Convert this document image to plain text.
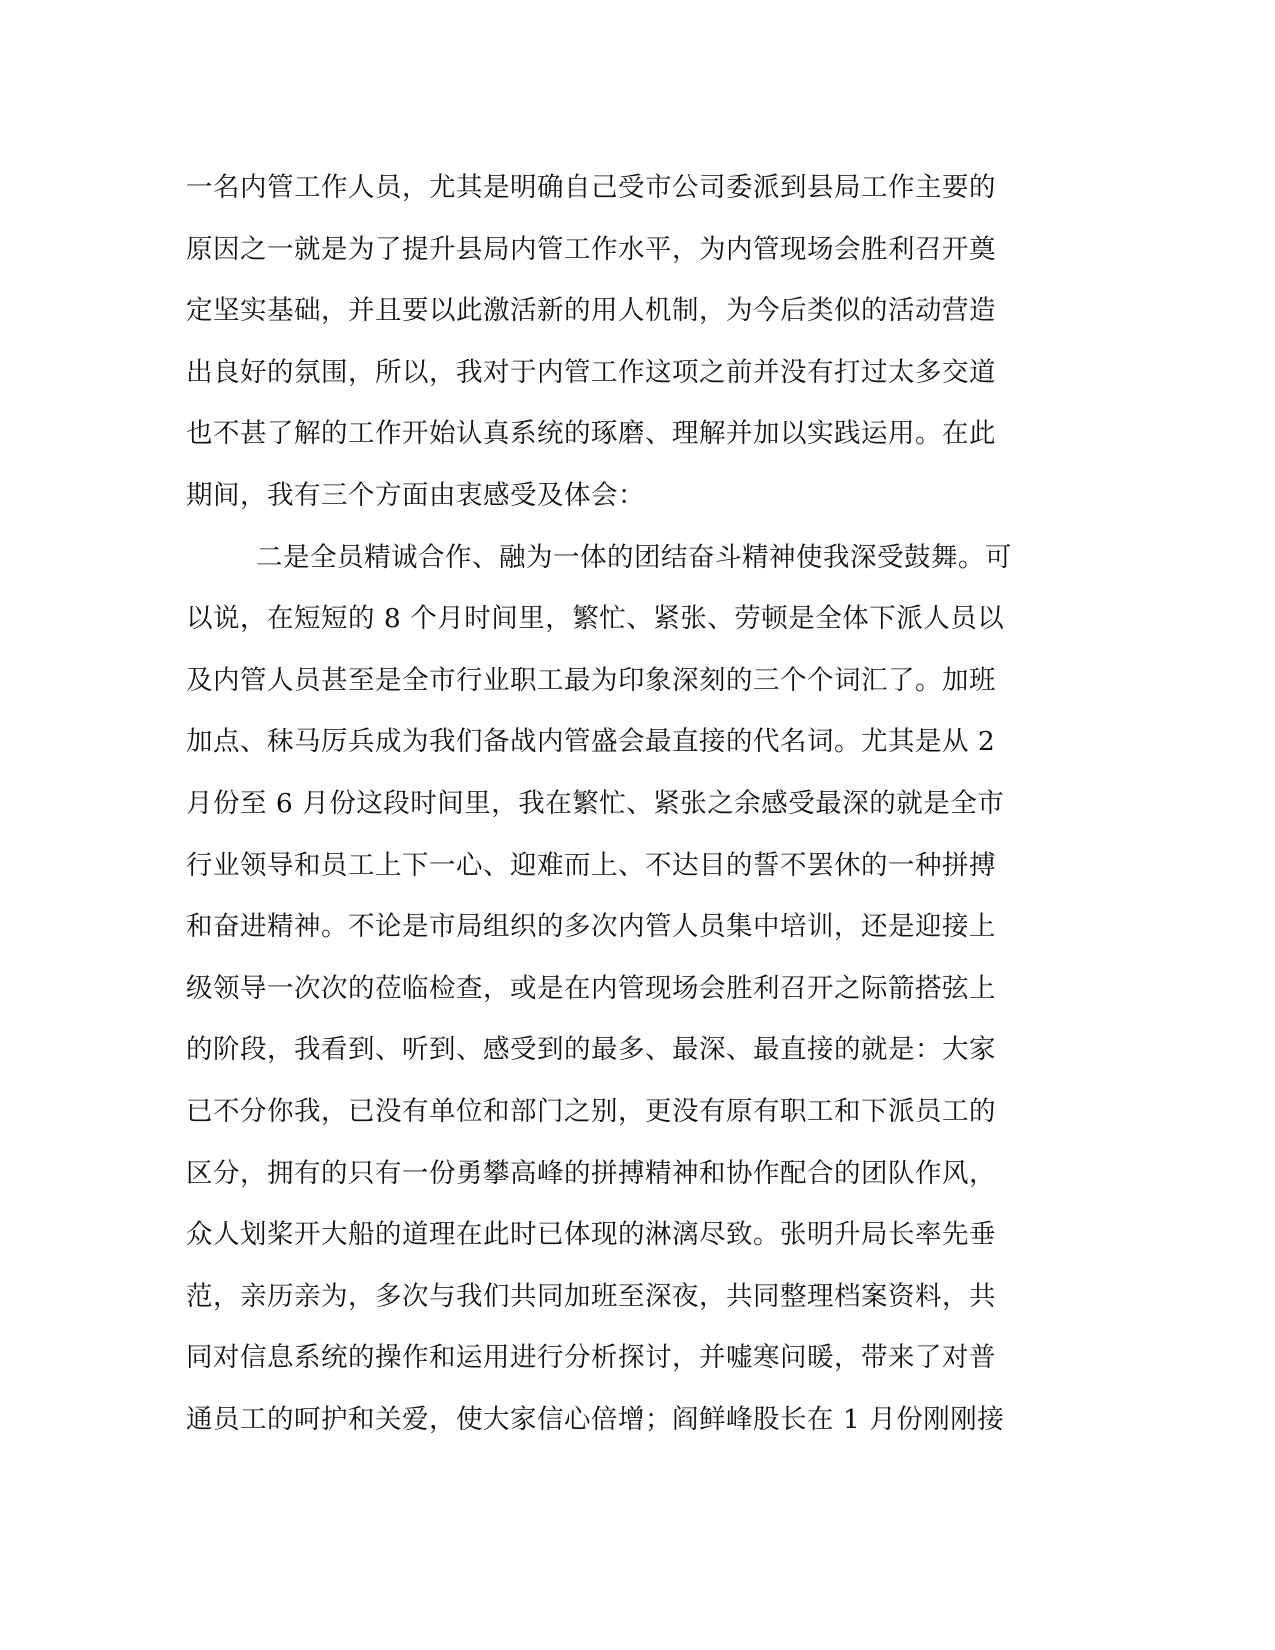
一名内管工作人员，尤其是明确自己受市公司委派到县局工作主要的
原因之一就是为了提升县局内管工作水平，为内管现场会胜利召开奠
定坚实基础，并且要以此激活新的用人机制，为今后类似的活动营造
出良好的氛围，所以，我对于内管工作这项之前并没有打过太多交道
也不甚了解的工作开始认真系统的琢磨、理解并加以实践运用。在此
期间，我有三个方面由衷感受及体会：
二是全员精诚合作、融为一体的团结奋斗精神使我深受鼓舞。可
以说，在短短的 8 个月时间里，繁忙、紧张、劳顿是全体下派人员以
及内管人员甚至是全市行业职工最为印象深刻的三个个词汇了。加班
加点、秣马厉兵成为我们备战内管盛会最直接的代名词。尤其是从 2
月份至 6 月份这段时间里，我在繁忙、紧张之余感受最深的就是全市
行业领导和员工上下一心、迎难而上、不达目的誓不罢休的一种拼搏
和奋进精神。不论是市局组织的多次内管人员集中培训，还是迎接上
级领导一次次的莅临检查，或是在内管现场会胜利召开之际箭搭弦上
的阶段，我看到、听到、感受到的最多、最深、最直接的就是：大家
已不分你我，已没有单位和部门之别，更没有原有职工和下派员工的
区分，拥有的只有一份勇攀高峰的拼搏精神和协作配合的团队作风，
众人划桨开大船的道理在此时已体现的淋漓尽致。张明升局长率先垂
范，亲历亲为，多次与我们共同加班至深夜，共同整理档案资料，共
同对信息系统的操作和运用进行分析探讨，并嘘寒问暖，带来了对普
通员工的呵护和关爱，使大家信心倍增；阎鲜峰股长在 1 月份刚刚接
